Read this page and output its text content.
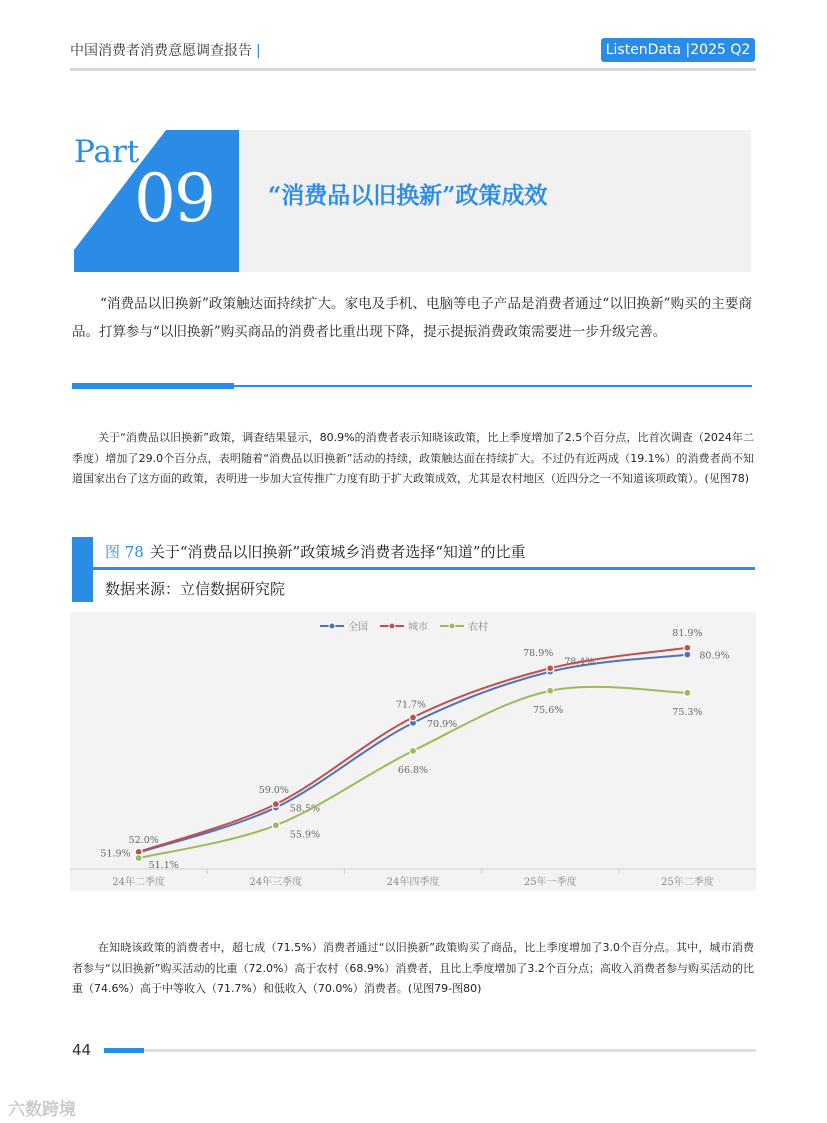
中国消费者消费意愿调查报告 |	ListenData |2025 Q2
Part
09 “消费品以旧换新”政策成效
“消费品以旧换新”政策触达面持续扩大。家电及手机、电脑等电子产品是消费者通过“以旧换新”购买的主要商品。打算参与“以旧换新”购买商品的消费者比重出现下降，提示提振消费政策需要进一步升级完善。
关于“消费品以旧换新”政策，调查结果显示，80.9%的消费者表示知晓该政策，比上季度增加了2.5个百分点，比首次调查（2024年二季度）增加了29.0个百分点，表明随着“消费品以旧换新”活动的持续，政策触达面在持续扩大。不过仍有近两成（19.1%）的消费者尚不知道国家出台了这方面的政策，表明进一步加大宣传推广力度有助于扩大政策成效，尤其是农村地区（近四分之一不知道该项政策）。(见图78)
图 78 关于“消费品以旧换新”政策城乡消费者选择“知道”的比重
数据来源：立信数据研究院
24年二季度	24年三季度	24年四季度	25年一季度	25年二季度
51.9%
58.5%
70.9%
78.4%
80.9%
52.0%
59.0%
71.7%
78.9%
81.9%
51.1%
55.9%
66.8%
75.6%	75.3%
全国	城市	农村
在知晓该政策的消费者中，超七成（71.5%）消费者通过“以旧换新”政策购买了商品，比上季度增加了3.0个百分点。其中，城市消费者参与“以旧换新”购买活动的比重（72.0%）高于农村（68.9%）消费者，且比上季度增加了3.2个百分点；高收入消费者参与购买活动的比重（74.6%）高于中等收入（71.7%）和低收入（70.0%）消费者。(见图79-图80)
44
六数跨境
